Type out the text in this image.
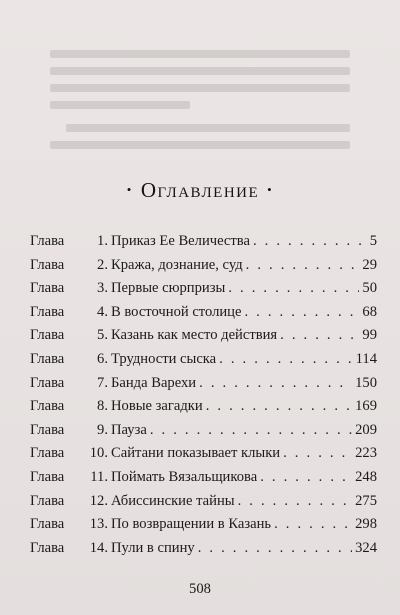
• Оглавление •
Глава	1. Приказ Ее Величества . . .	5
Глава	2. Кража, дознание, суд . . .	29
Глава	3. Первые сюрпризы . . .	50
Глава	4. В восточной столице . . .	68
Глава	5. Казань как место действия . . .	99
Глава	6. Трудности сыска . . .	114
Глава	7. Банда Варехи . . .	150
Глава	8. Новые загадки . . .	169
Глава	9. Пауза . . .	209
Глава	10. Сайтани показывает клыки . . .	223
Глава	11. Поймать Вязальщикова . . .	248
Глава	12. Абиссинские тайны . . .	275
Глава	13. По возвращении в Казань . . .	298
Глава	14. Пули в спину . . .	324
508
